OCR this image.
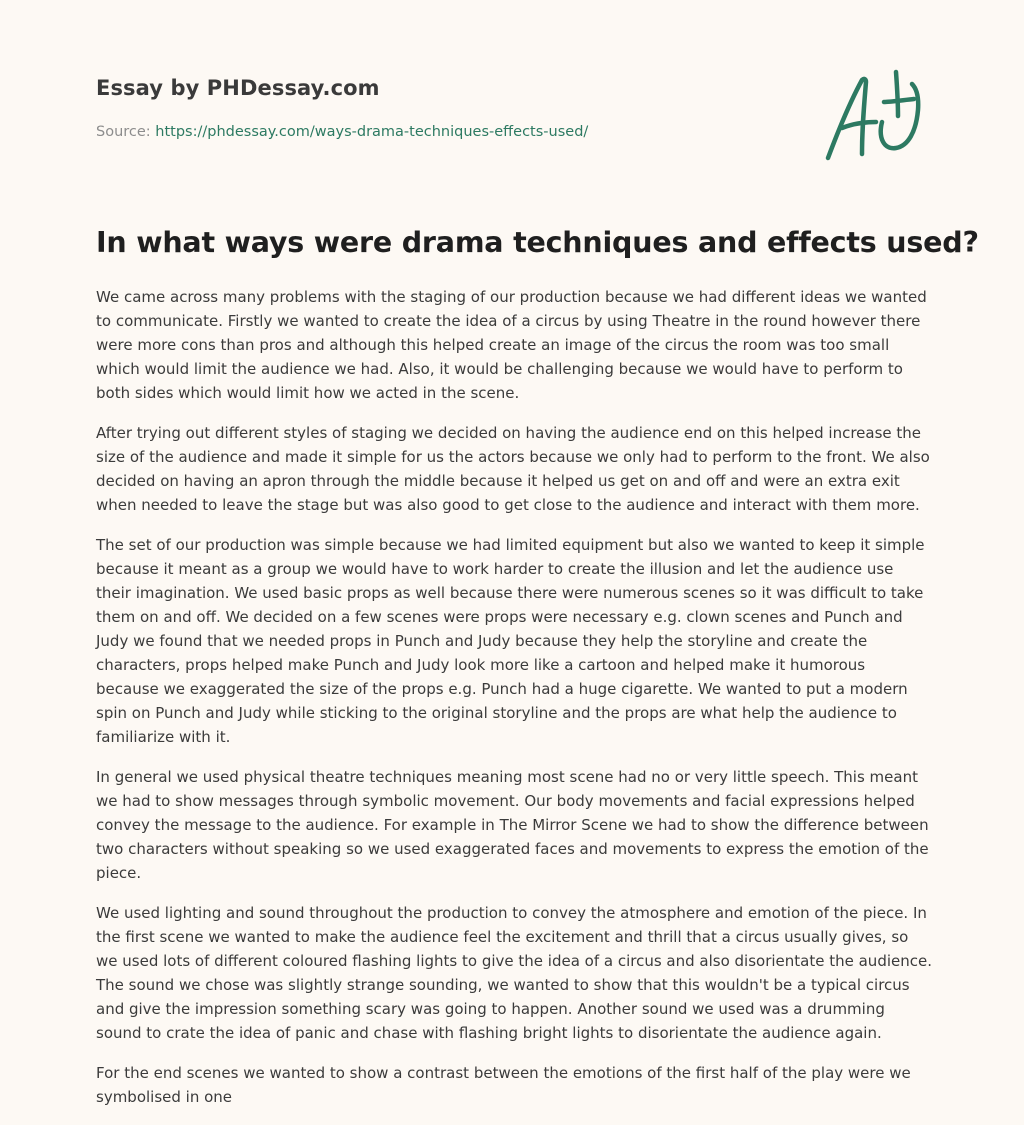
Essay by PHDessay.com
Source: https://phdessay.com/ways-drama-techniques-effects-used/
In what ways were drama techniques and effects used?

We came across many problems with the staging of our production because we had different ideas we wanted to communicate. Firstly we wanted to create the idea of a circus by using Theatre in the round however there were more cons than pros and although this helped create an image of the circus the room was too small which would limit the audience we had. Also, it would be challenging because we would have to perform to both sides which would limit how we acted in the scene.

After trying out different styles of staging we decided on having the audience end on this helped increase the size of the audience and made it simple for us the actors because we only had to perform to the front. We also decided on having an apron through the middle because it helped us get on and off and were an extra exit when needed to leave the stage but was also good to get close to the audience and interact with them more.

The set of our production was simple because we had limited equipment but also we wanted to keep it simple because it meant as a group we would have to work harder to create the illusion and let the audience use their imagination. We used basic props as well because there were numerous scenes so it was difficult to take them on and off. We decided on a few scenes were props were necessary e.g. clown scenes and Punch and Judy we found that we needed props in Punch and Judy because they help the storyline and create the characters, props helped make Punch and Judy look more like a cartoon and helped make it humorous because we exaggerated the size of the props e.g. Punch had a huge cigarette. We wanted to put a modern spin on Punch and Judy while sticking to the original storyline and the props are what help the audience to familiarize with it.

In general we used physical theatre techniques meaning most scene had no or very little speech. This meant we had to show messages through symbolic movement. Our body movements and facial expressions helped convey the message to the audience. For example in The Mirror Scene we had to show the difference between two characters without speaking so we used exaggerated faces and movements to express the emotion of the piece.

We used lighting and sound throughout the production to convey the atmosphere and emotion of the piece. In the first scene we wanted to make the audience feel the excitement and thrill that a circus usually gives, so we used lots of different coloured flashing lights to give the idea of a circus and also disorientate the audience. The sound we chose was slightly strange sounding, we wanted to show that this wouldn't be a typical circus and give the impression something scary was going to happen. Another sound we used was a drumming sound to crate the idea of panic and chase with flashing bright lights to disorientate the audience again.

For the end scenes we wanted to show a contrast between the emotions of the first half of the play were we symbolised in one
